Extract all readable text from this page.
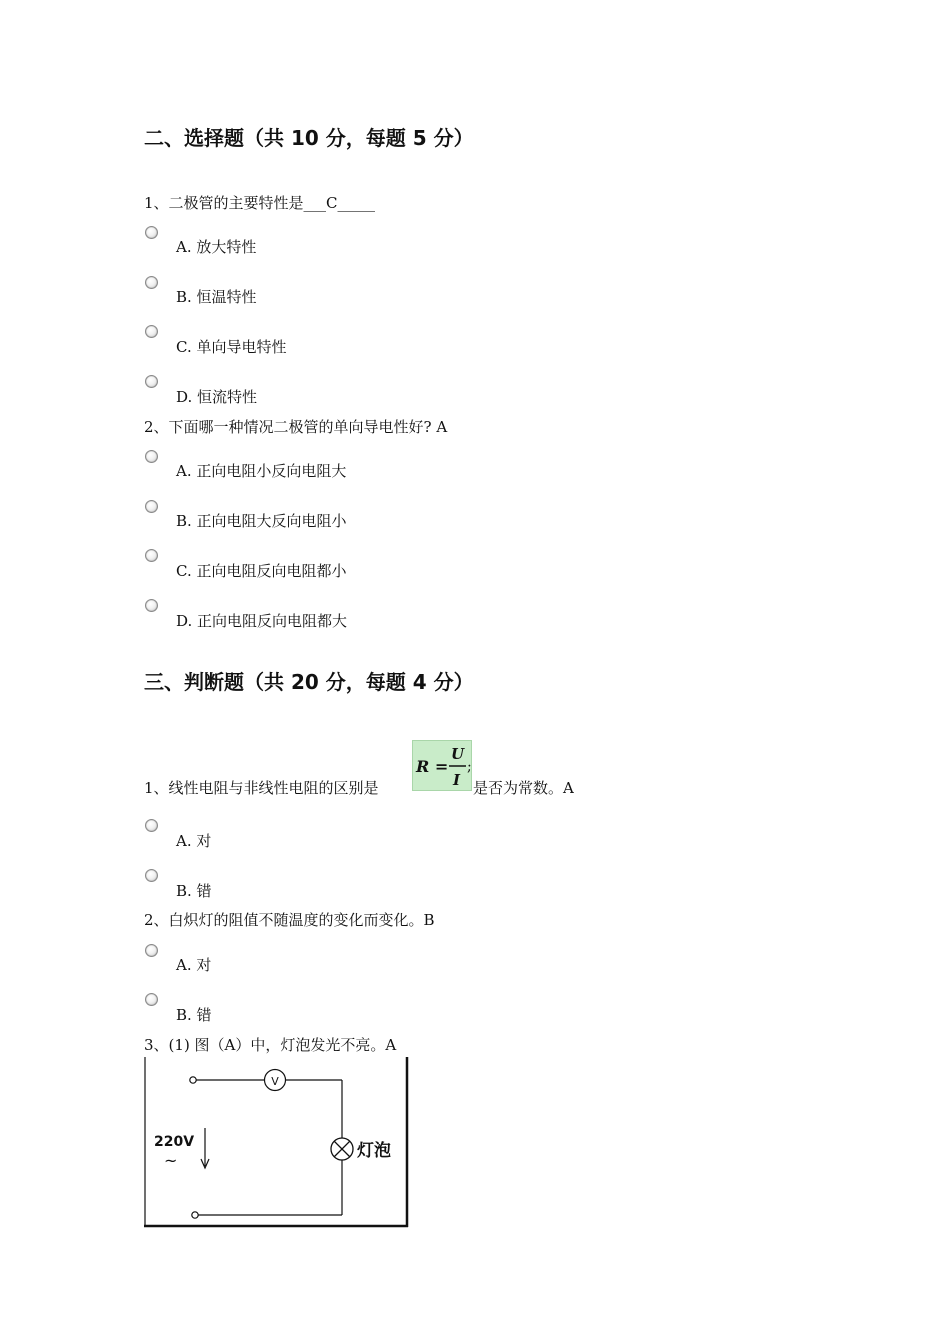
二、选择题（共 10 分，每题 5 分）
1、二极管的主要特性是___C_____
A. 放大特性
B. 恒温特性
C. 单向导电特性
D. 恒流特性
2、下面哪一种情况二极管的单向导电性好? A
A. 正向电阻小反向电阻大
B. 正向电阻大反向电阻小
C. 正向电阻反向电阻都小
D. 正向电阻反向电阻都大
三、判断题（共 20 分，每题 4 分）
1、线性电阻与非线性电阻的区别是
R =
U
I
;
是否为常数。A
A. 对
B. 错
2、白炽灯的阻值不随温度的变化而变化。B
A. 对
B. 错
3、(1) 图（A）中，灯泡发光不亮。A
V
灯泡
220V
~
